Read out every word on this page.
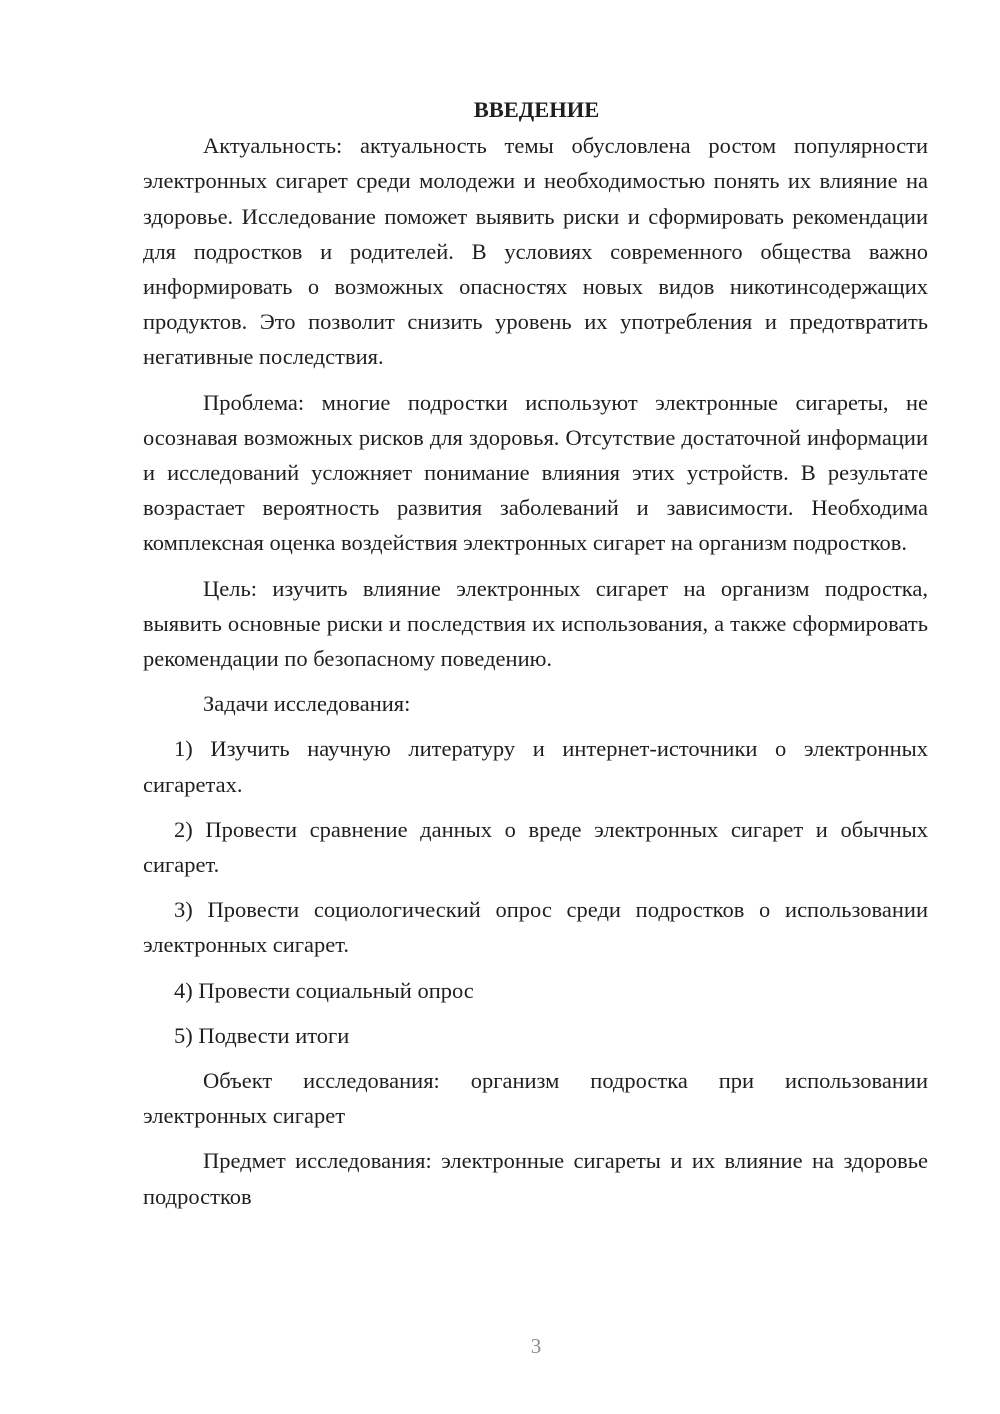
ВВЕДЕНИЕ

Актуальность: актуальность темы обусловлена ростом популярности электронных сигарет среди молодежи и необходимостью понять их влияние на здоровье. Исследование поможет выявить риски и сформировать рекомендации для подростков и родителей. В условиях современного общества важно информировать о возможных опасностях новых видов никотинсодержащих продуктов. Это позволит снизить уровень их употребления и предотвратить негативные последствия.

Проблема: многие подростки используют электронные сигареты, не осознавая возможных рисков для здоровья. Отсутствие достаточной информации и исследований усложняет понимание влияния этих устройств. В результате возрастает вероятность развития заболеваний и зависимости. Необходима комплексная оценка воздействия электронных сигарет на организм подростков.

Цель: изучить влияние электронных сигарет на организм подростка, выявить основные риски и последствия их использования, а также сформировать рекомендации по безопасному поведению.

Задачи исследования:

1) Изучить научную литературу и интернет-источники о электронных сигаретах.

2) Провести сравнение данных о вреде электронных сигарет и обычных сигарет.

3) Провести социологический опрос среди подростков о использовании электронных сигарет.

4) Провести социальный опрос

5) Подвести итоги

Объект исследования: организм подростка при использовании электронных сигарет

Предмет исследования: электронные сигареты и их влияние на здоровье подростков

3
